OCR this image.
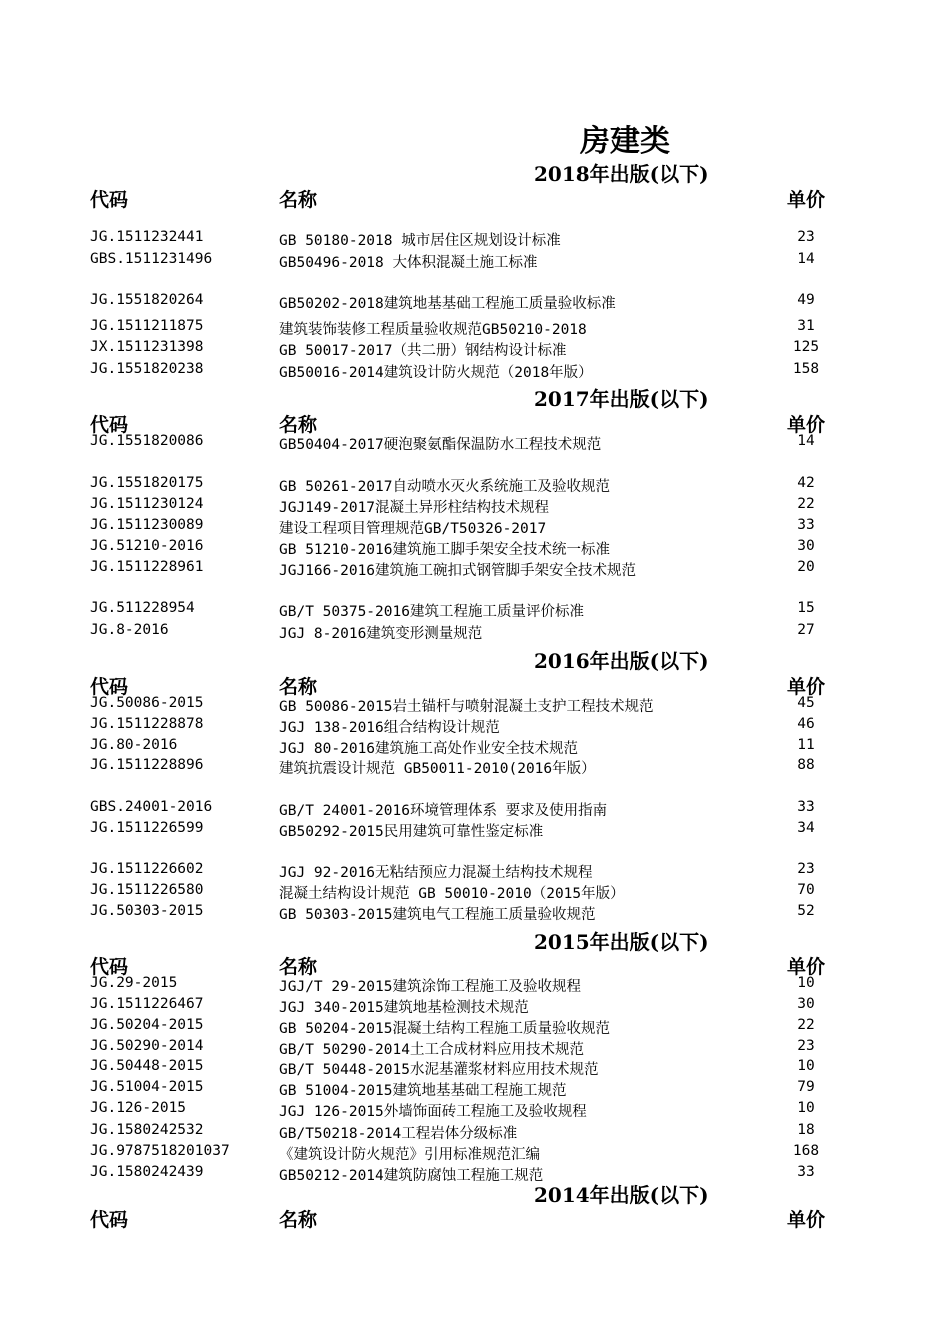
房建类
2018年出版(以下)
代码	名称	单价
JG.1511232441	GB 50180-2018 城市居住区规划设计标准	23
GBS.1511231496	GB50496-2018 大体积混凝土施工标准	14
JG.1551820264	GB50202-2018建筑地基基础工程施工质量验收标准	49
JG.1511211875	建筑装饰装修工程质量验收规范GB50210-2018	31
JX.1511231398	GB 50017-2017（共二册）钢结构设计标准	125
JG.1551820238	GB50016-2014建筑设计防火规范（2018年版）	158
2017年出版(以下)
代码	名称	单价
JG.1551820086	GB50404-2017硬泡聚氨酯保温防水工程技术规范	14
JG.1551820175	GB 50261-2017自动喷水灭火系统施工及验收规范	42
JG.1511230124	JGJ149-2017混凝土异形柱结构技术规程	22
JG.1511230089	建设工程项目管理规范GB/T50326-2017	33
JG.51210-2016	GB 51210-2016建筑施工脚手架安全技术统一标准	30
JG.1511228961	JGJ166-2016建筑施工碗扣式钢管脚手架安全技术规范	20
JG.511228954	GB/T 50375-2016建筑工程施工质量评价标准	15
JG.8-2016	JGJ 8-2016建筑变形测量规范	27
2016年出版(以下)
代码	名称	单价
JG.50086-2015	GB 50086-2015岩土锚杆与喷射混凝土支护工程技术规范	45
JG.1511228878	JGJ 138-2016组合结构设计规范	46
JG.80-2016	JGJ 80-2016建筑施工高处作业安全技术规范	11
JG.1511228896	建筑抗震设计规范 GB50011-2010(2016年版）	88
GBS.24001-2016	GB/T 24001-2016环境管理体系 要求及使用指南	33
JG.1511226599	GB50292-2015民用建筑可靠性鉴定标准	34
JG.1511226602	JGJ 92-2016无粘结预应力混凝土结构技术规程	23
JG.1511226580	混凝土结构设计规范 GB 50010-2010（2015年版）	70
JG.50303-2015	GB 50303-2015建筑电气工程施工质量验收规范	52
2015年出版(以下)
代码	名称	单价
JG.29-2015	JGJ/T 29-2015建筑涂饰工程施工及验收规程	10
JG.1511226467	JGJ 340-2015建筑地基检测技术规范	30
JG.50204-2015	GB 50204-2015混凝土结构工程施工质量验收规范	22
JG.50290-2014	GB/T 50290-2014土工合成材料应用技术规范	23
JG.50448-2015	GB/T 50448-2015水泥基灌浆材料应用技术规范	10
JG.51004-2015	GB 51004-2015建筑地基基础工程施工规范	79
JG.126-2015	JGJ 126-2015外墙饰面砖工程施工及验收规程	10
JG.1580242532	GB/T50218-2014工程岩体分级标准	18
JG.9787518201037	《建筑设计防火规范》引用标准规范汇编	168
JG.1580242439	GB50212-2014建筑防腐蚀工程施工规范	33
2014年出版(以下)
代码	名称	单价
